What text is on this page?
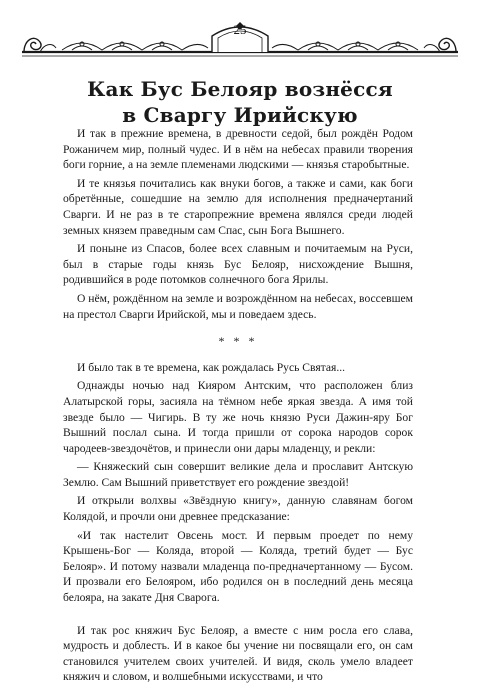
25
Как Бус Белояр вознёсся
в Сваргу Ирийскую

И так в прежние времена, в древности седой, был рождён Родом Рожаничем мир, полный чудес. И в нём на небесах правили творения боги горние, а на земле племенами людскими — князья старобытные.

И те князья почитались как внуки богов, а также и сами, как боги обретённые, сошедшие на землю для исполнения предначертаний Сварги. И не раз в те старопрежние времена являлся среди людей земных князем праведным сам Спас, сын Бога Вышнего.

И поныне из Спасов, более всех славным и почитаемым на Руси, был в старые годы князь Бус Белояр, нисхождение Вышня, родившийся в роде потомков солнечного бога Ярилы.

О нём, рождённом на земле и возрождённом на небесах, воссевшем на престол Сварги Ирийской, мы и поведаем здесь.

* * *

И было так в те времена, как рождалась Русь Святая...

Однажды ночью над Кияром Антским, что расположен близ Алатырской горы, засияла на тёмном небе яркая звезда. А имя той звезде было — Чигирь. В ту же ночь князю Руси Дажин-яру Бог Вышний послал сына. И тогда пришли от сорока народов сорок чародеев-звездочётов, и принесли они дары младенцу, и рекли:

— Княжеский сын совершит великие дела и прославит Антскую Землю. Сам Вышний приветствует его рождение звездой!

И открыли волхвы «Звёздную книгу», данную славянам богом Колядой, и прочли они древнее предсказание:

«И так настелит Овсень мост. И первым проедет по нему Крышень-Бог — Коляда, второй — Коляда, третий будет — Бус Белояр». И потому назвали младенца по-предначертанному — Бусом. И прозвали его Белояром, ибо родился он в последний день месяца белояра, на закате Дня Сварога.

И так рос княжич Бус Белояр, а вместе с ним росла его слава, мудрость и доблесть. И в какое бы учение ни посвящали его, он сам становился учителем своих учителей. И видя, сколь умело владеет княжич и словом, и волшебными искусствами, и что
